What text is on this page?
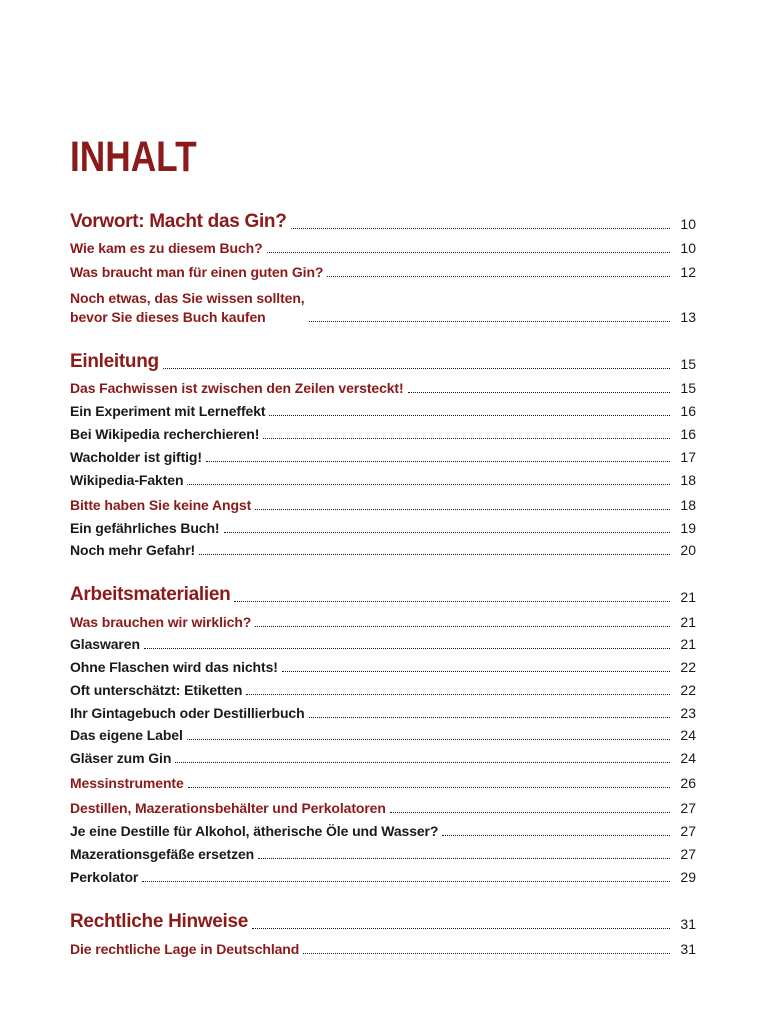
INHALT
Vorwort: Macht das Gin?	10
Wie kam es zu diesem Buch?	10
Was braucht man für einen guten Gin?	12
Noch etwas, das Sie wissen sollten,
bevor Sie dieses Buch kaufen	13
Einleitung	15
Das Fachwissen ist zwischen den Zeilen versteckt!	15
Ein Experiment mit Lerneffekt	16
Bei Wikipedia recherchieren!	16
Wacholder ist giftig!	17
Wikipedia-Fakten	18
Bitte haben Sie keine Angst	18
Ein gefährliches Buch!	19
Noch mehr Gefahr!	20
Arbeitsmaterialien	21
Was brauchen wir wirklich?	21
Glaswaren	21
Ohne Flaschen wird das nichts!	22
Oft unterschätzt: Etiketten	22
Ihr Gintagebuch oder Destillierbuch	23
Das eigene Label	24
Gläser zum Gin	24
Messinstrumente	26
Destillen, Mazerationsbehälter und Perkolatoren	27
Je eine Destille für Alkohol, ätherische Öle und Wasser?	27
Mazerationsgefäße ersetzen	27
Perkolator	29
Rechtliche Hinweise	31
Die rechtliche Lage in Deutschland	31
